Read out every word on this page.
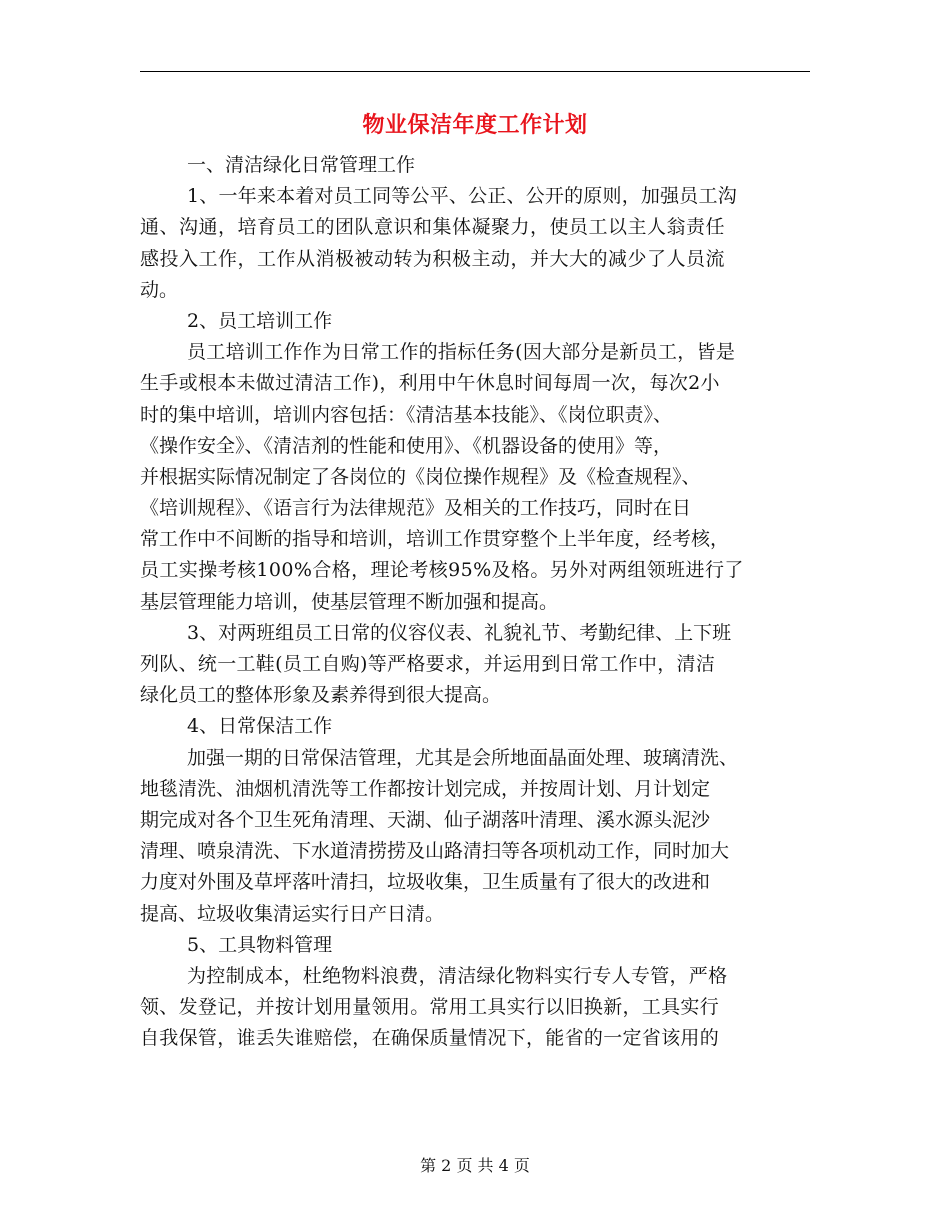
物业保洁年度工作计划
一、清洁绿化日常管理工作
1、一年来本着对员工同等公平、公正、公开的原则，加强员工沟
通、沟通，培育员工的团队意识和集体凝聚力，使员工以主人翁责任
感投入工作，工作从消极被动转为积极主动，并大大的减少了人员流
动。
2、员工培训工作
员工培训工作作为日常工作的指标任务(因大部分是新员工，皆是
生手或根本未做过清洁工作)，利用中午休息时间每周一次，每次2小
时的集中培训，培训内容包括：《清洁基本技能》、《岗位职责》、
《操作安全》、《清洁剂的性能和使用》、《机器设备的使用》等，
并根据实际情况制定了各岗位的《岗位操作规程》及《检查规程》、
《培训规程》、《语言行为法律规范》及相关的工作技巧，同时在日
常工作中不间断的指导和培训，培训工作贯穿整个上半年度，经考核，
员工实操考核100%合格，理论考核95%及格。另外对两组领班进行了
基层管理能力培训，使基层管理不断加强和提高。
3、对两班组员工日常的仪容仪表、礼貌礼节、考勤纪律、上下班
列队、统一工鞋(员工自购)等严格要求，并运用到日常工作中，清洁
绿化员工的整体形象及素养得到很大提高。
4、日常保洁工作
加强一期的日常保洁管理，尤其是会所地面晶面处理、玻璃清洗、
地毯清洗、油烟机清洗等工作都按计划完成，并按周计划、月计划定
期完成对各个卫生死角清理、天湖、仙子湖落叶清理、溪水源头泥沙
清理、喷泉清洗、下水道清捞捞及山路清扫等各项机动工作，同时加大
力度对外围及草坪落叶清扫，垃圾收集，卫生质量有了很大的改进和
提高、垃圾收集清运实行日产日清。
5、工具物料管理
为控制成本，杜绝物料浪费，清洁绿化物料实行专人专管，严格
领、发登记，并按计划用量领用。常用工具实行以旧换新，工具实行
自我保管，谁丢失谁赔偿，在确保质量情况下，能省的一定省该用的
第 2 页 共 4 页
